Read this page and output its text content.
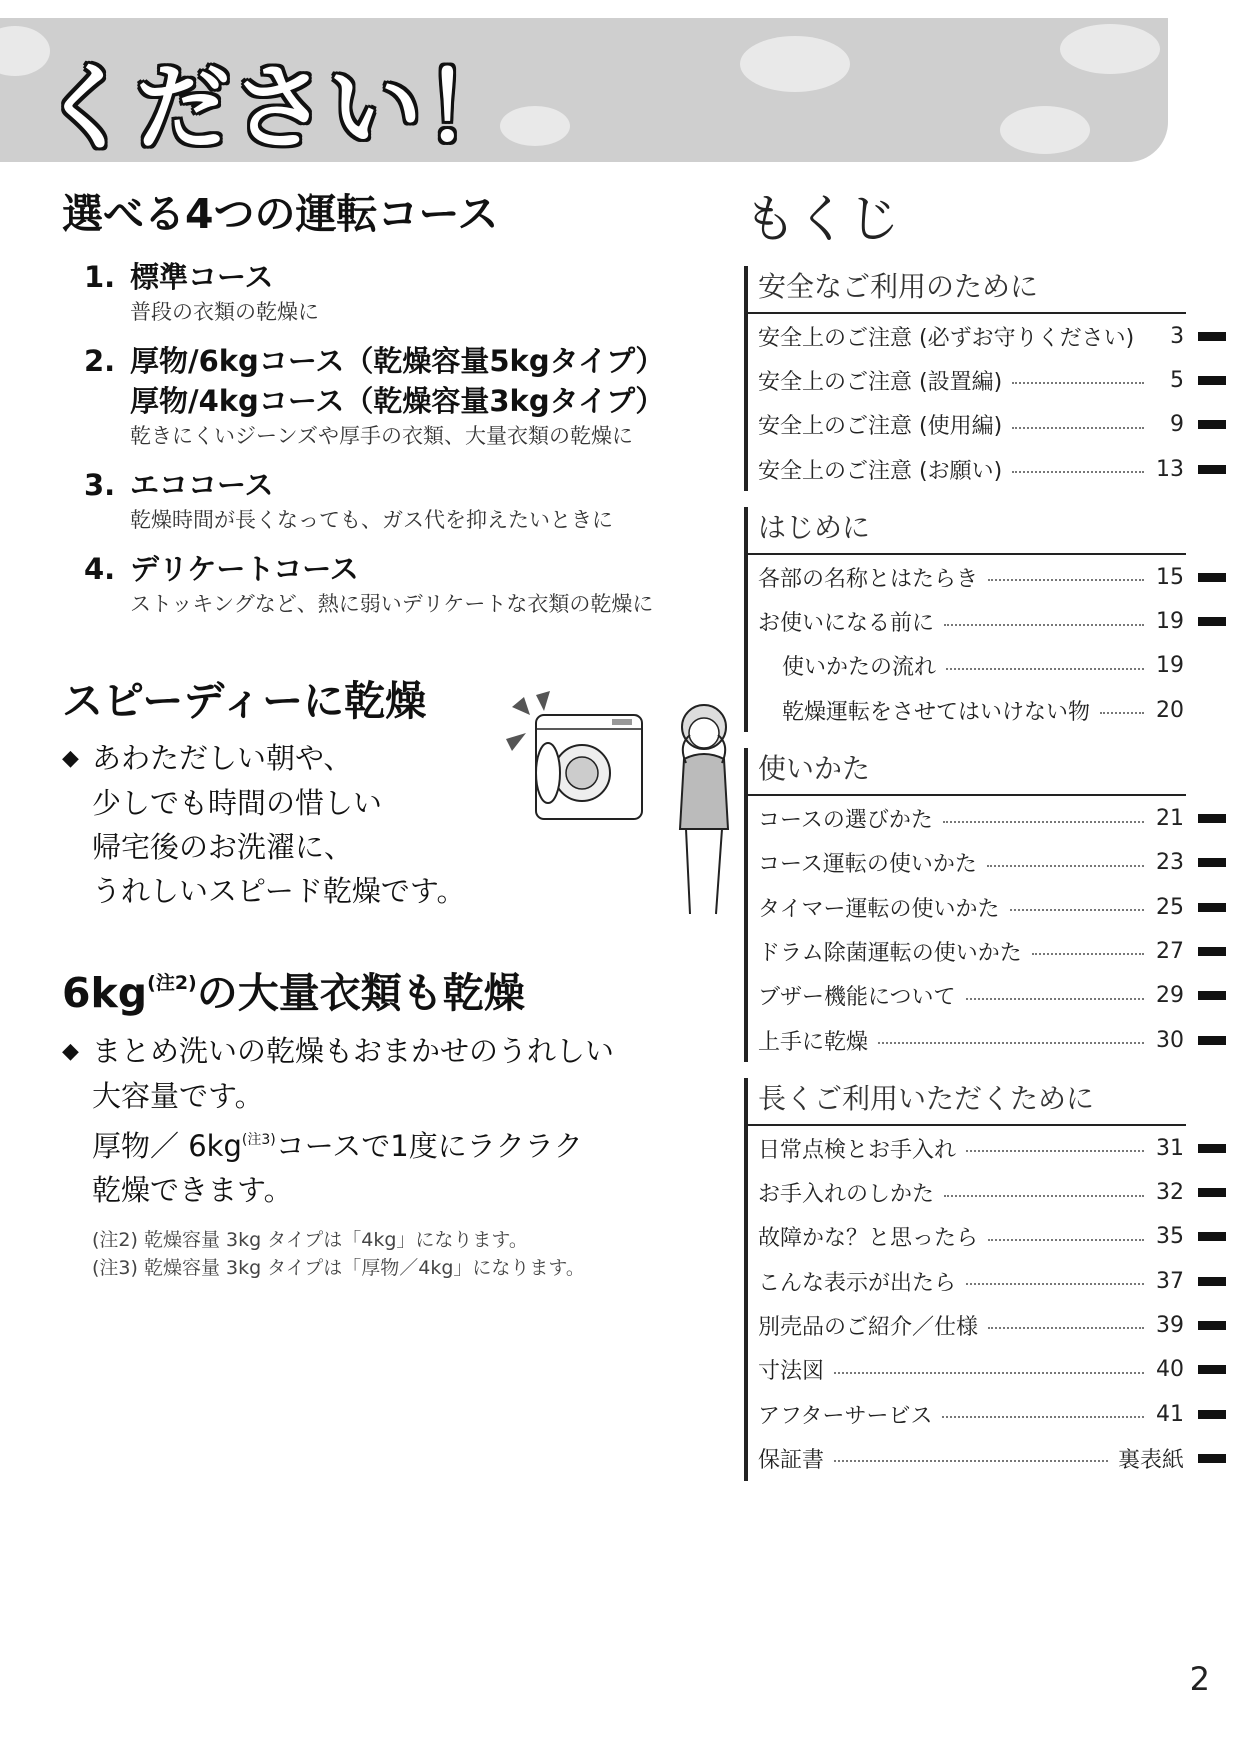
ください！
選べる4つの運転コース
1. 標準コース
普段の衣類の乾燥に
2. 厚物/6kgコース（乾燥容量5kgタイプ）
厚物/4kgコース（乾燥容量3kgタイプ）
乾きにくいジーンズや厚手の衣類、大量衣類の乾燥に
3. エココース
乾燥時間が長くなっても、ガス代を抑えたいときに
4. デリケートコース
ストッキングなど、熱に弱いデリケートな衣類の乾燥に
スピーディーに乾燥
◆ あわただしい朝や、
少しでも時間の惜しい
帰宅後のお洗濯に、
うれしいスピード乾燥です。
$6kg^{(注2)}$の大量衣類も乾燥
◆ まとめ洗いの乾燥もおまかせのうれしい
大容量です。
厚物／ $6kg^{(注3)}$コースで1度にラクラク
乾燥できます。
(注2) 乾燥容量 3kg タイプは「4kg」になります。
(注3) 乾燥容量 3kg タイプは「厚物／4kg」になります。
もくじ
安全なご利用のために
安全上のご注意 (必ずお守りください)	3
安全上のご注意 (設置編)	5
安全上のご注意 (使用編)	9
安全上のご注意 (お願い)	13
はじめに
各部の名称とはたらき	15
お使いになる前に	19
使いかたの流れ	19
乾燥運転をさせてはいけない物	20
使いかた
コースの選びかた	21
コース運転の使いかた	23
タイマー運転の使いかた	25
ドラム除菌運転の使いかた	27
ブザー機能について	29
上手に乾燥	30
長くご利用いただくために
日常点検とお手入れ	31
お手入れのしかた	32
故障かな？と思ったら	35
こんな表示が出たら	37
別売品のご紹介／仕様	39
寸法図	40
アフターサービス	41
保証書	裏表紙
2
